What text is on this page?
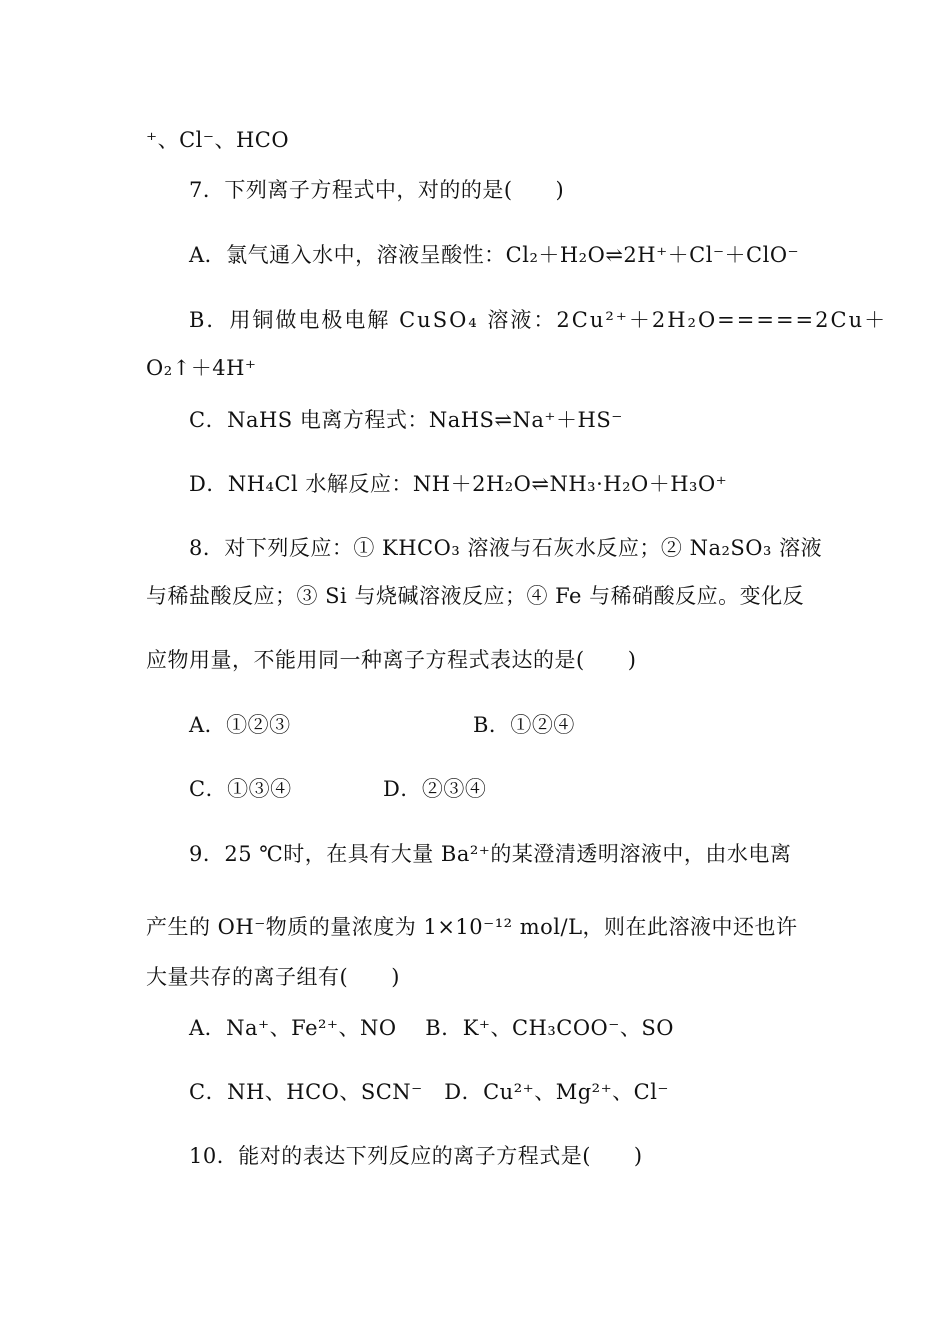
⁺、Cl⁻、HCO
7．下列离子方程式中，对的的是(　　)
A．氯气通入水中，溶液呈酸性：Cl₂＋H₂O⇌2H⁺＋Cl⁻＋ClO⁻
B．用铜做电极电解 CuSO₄ 溶液：2Cu²⁺＋2H₂O=====2Cu＋
O₂↑＋4H⁺
C．NaHS 电离方程式：NaHS⇌Na⁺＋HS⁻
D．NH₄Cl 水解反应：NH＋2H₂O⇌NH₃·H₂O＋H₃O⁺
8．对下列反应：① KHCO₃ 溶液与石灰水反应；② Na₂SO₃ 溶液
与稀盐酸反应；③ Si 与烧碱溶液反应；④ Fe 与稀硝酸反应。变化反
应物用量，不能用同一种离子方程式表达的是(　　)
A．①②③	B．①②④
C．①③④	D．②③④
9．25 ℃时，在具有大量 Ba²⁺的某澄清透明溶液中，由水电离
产生的 OH⁻物质的量浓度为 1×10⁻¹² mol/L，则在此溶液中还也许
大量共存的离子组有(　　)
A．Na⁺、Fe²⁺、NO　 B．K⁺、CH₃COO⁻、SO
C．NH、HCO、SCN⁻　D．Cu²⁺、Mg²⁺、Cl⁻
10．能对的表达下列反应的离子方程式是(　　)
